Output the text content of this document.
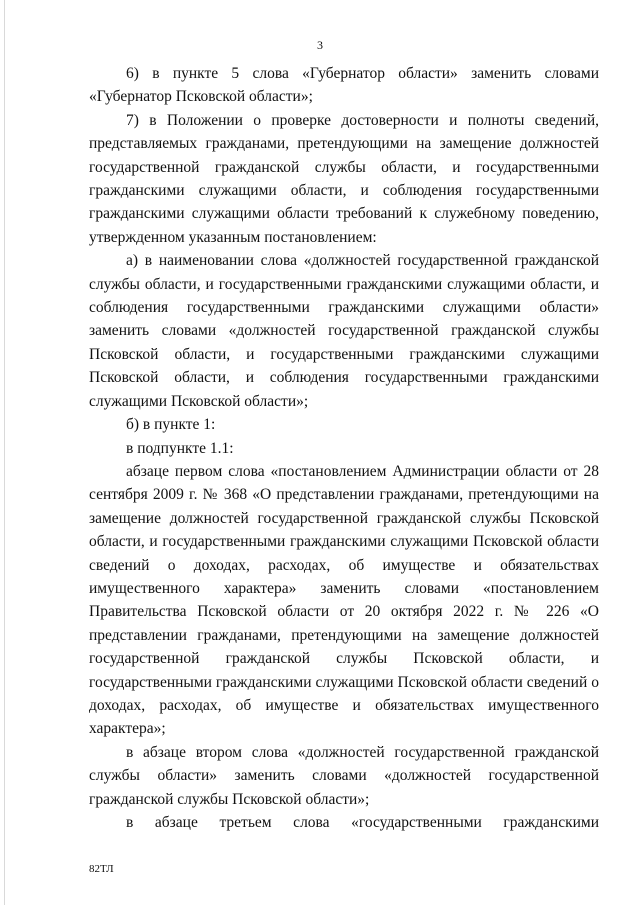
3

6) в пункте 5 слова «Губернатор области» заменить словами «Губернатор Псковской области»;

7) в Положении о проверке достоверности и полноты сведений, представляемых гражданами, претендующими на замещение должностей государственной гражданской службы области, и государственными гражданскими служащими области, и соблюдения государственными гражданскими служащими области требований к служебному поведению, утвержденном указанным постановлением:

а) в наименовании слова «должностей государственной гражданской службы области, и государственными гражданскими служащими области, и соблюдения государственными гражданскими служащими области» заменить словами «должностей государственной гражданской службы Псковской области, и государственными гражданскими служащими Псковской области, и соблюдения государственными гражданскими служащими Псковской области»;

б) в пункте 1:

в подпункте 1.1:

абзаце первом слова «постановлением Администрации области от 28 сентября 2009 г. № 368 «О представлении гражданами, претендующими на замещение должностей государственной гражданской службы Псковской области, и государственными гражданскими служащими Псковской области сведений о доходах, расходах, об имуществе и обязательствах имущественного характера» заменить словами «постановлением Правительства Псковской области от 20 октября 2022 г. № 226 «О представлении гражданами, претендующими на замещение должностей государственной гражданской службы Псковской области, и государственными гражданскими служащими Псковской области сведений о доходах, расходах, об имуществе и обязательствах имущественного характера»;

в абзаце втором слова «должностей государственной гражданской службы области» заменить словами «должностей государственной гражданской службы Псковской области»;

в абзаце третьем слова «государственными гражданскими

82ТЛ
